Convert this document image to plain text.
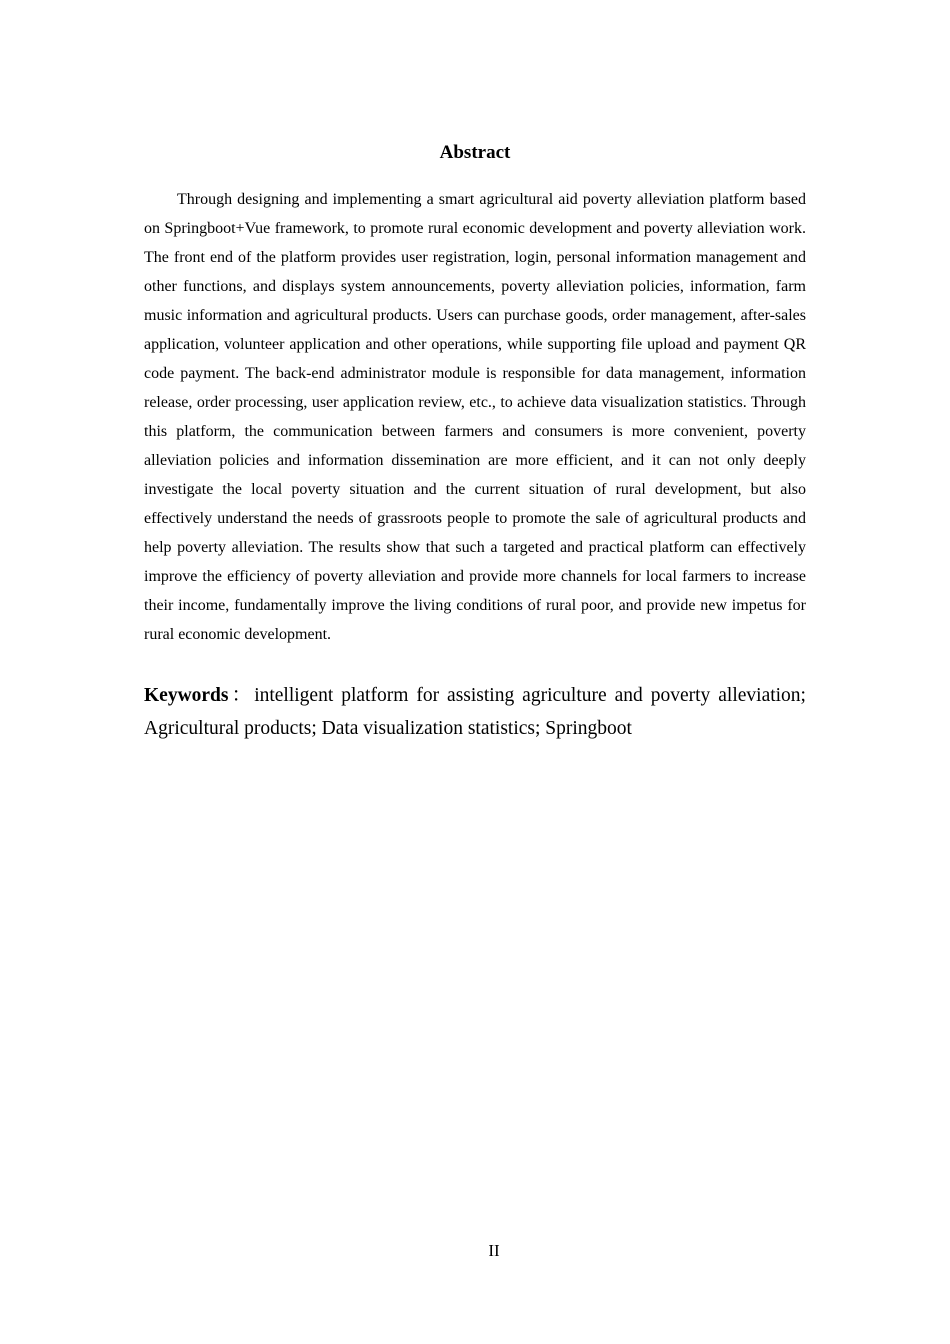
Abstract

Through designing and implementing a smart agricultural aid poverty alleviation platform based on Springboot+Vue framework, to promote rural economic development and poverty alleviation work. The front end of the platform provides user registration, login, personal information management and other functions, and displays system announcements, poverty alleviation policies, information, farm music information and agricultural products. Users can purchase goods, order management, after-sales application, volunteer application and other operations, while supporting file upload and payment QR code payment. The back-end administrator module is responsible for data management, information release, order processing, user application review, etc., to achieve data visualization statistics. Through this platform, the communication between farmers and consumers is more convenient, poverty alleviation policies and information dissemination are more efficient, and it can not only deeply investigate the local poverty situation and the current situation of rural development, but also effectively understand the needs of grassroots people to promote the sale of agricultural products and help poverty alleviation. The results show that such a targeted and practical platform can effectively improve the efficiency of poverty alleviation and provide more channels for local farmers to increase their income, fundamentally improve the living conditions of rural poor, and provide new impetus for rural economic development.

Keywords：intelligent platform for assisting agriculture and poverty alleviation; Agricultural products; Data visualization statistics; Springboot

II
